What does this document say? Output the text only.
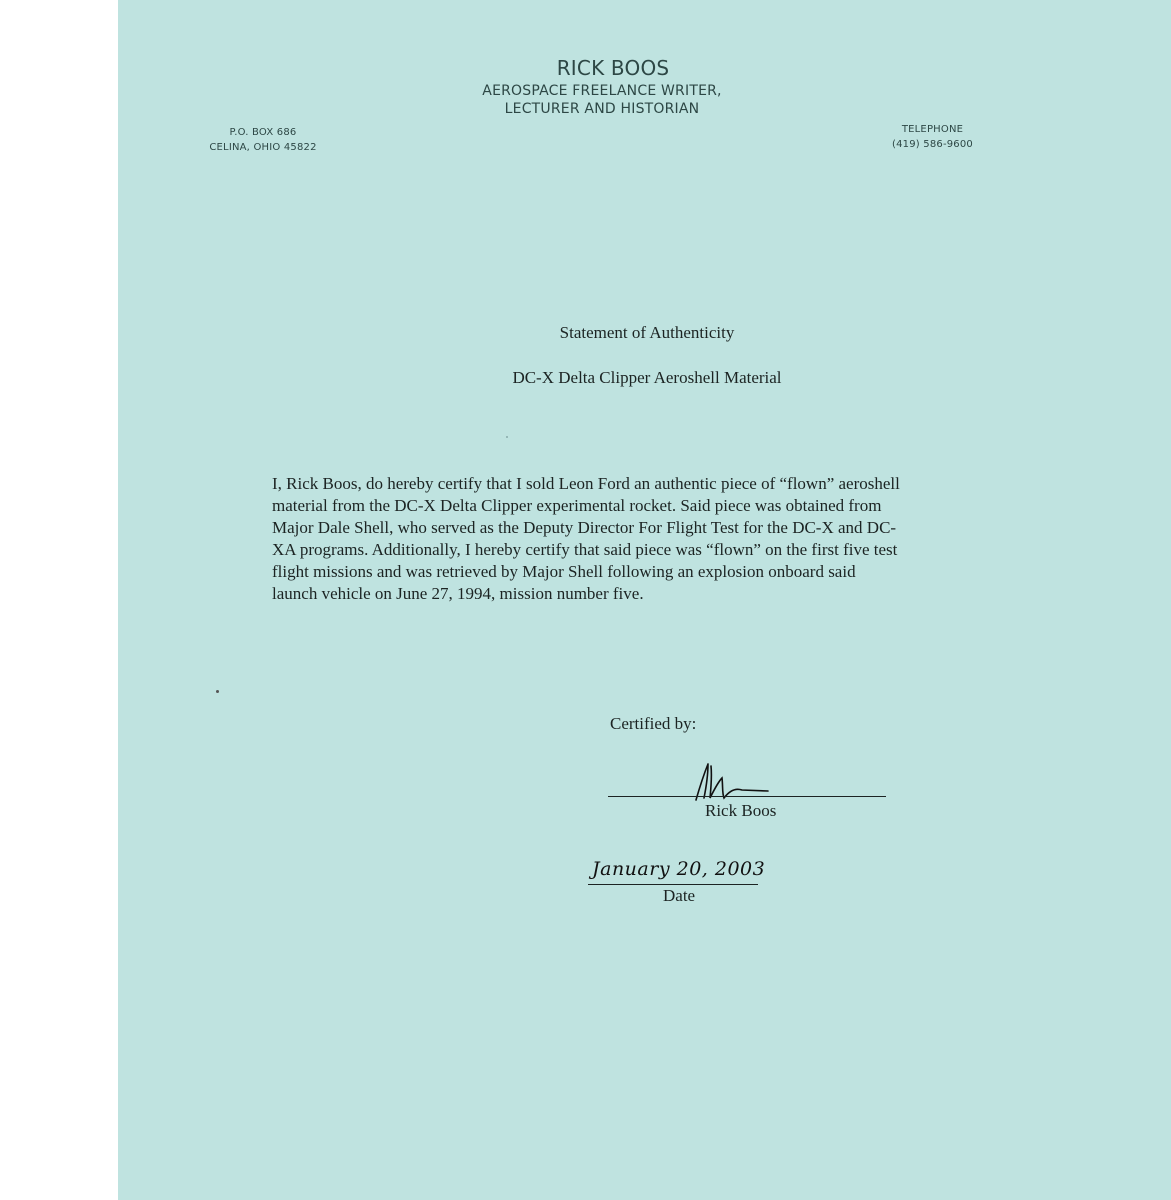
RICK BOOS
AEROSPACE FREELANCE WRITER,
LECTURER AND HISTORIAN
P.O. BOX 686
CELINA, OHIO 45822
TELEPHONE
(419) 586-9600
Statement of Authenticity
DC-X Delta Clipper Aeroshell Material
I, Rick Boos, do hereby certify that I sold Leon Ford an authentic piece of “flown” aeroshell material from the DC-X Delta Clipper experimental rocket. Said piece was obtained from Major Dale Shell, who served as the Deputy Director For Flight Test for the DC-X and DC-XA programs. Additionally, I hereby certify that said piece was “flown” on the first five test flight missions and was retrieved by Major Shell following an explosion onboard said launch vehicle on June 27, 1994, mission number five.
Certified by:
Rick Boos
January 20, 2003
Date
